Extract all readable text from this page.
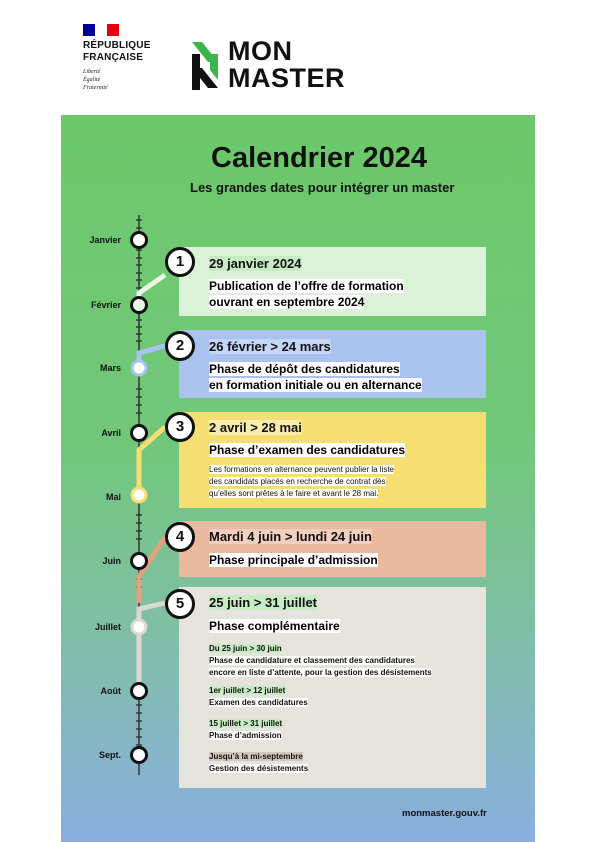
RÉPUBLIQUE
FRANÇAISE
Liberté
Égalité
Fraternité
MON
MASTER
Calendrier 2024
Les grandes dates pour intégrer un master
Janvier
Février
Mars
Avril
Mai
Juin
Juillet
Août
Sept.
29 janvier 2024
Publication de l’offre de formation
ouvrant en septembre 2024
1
26 février > 24 mars
Phase de dépôt des candidatures
en formation initiale ou en alternance
2
2 avril > 28 mai
Phase d’examen des candidatures
Les formations en alternance peuvent publier la liste
des candidats placés en recherche de contrat dès
qu’elles sont prêtes à le faire et avant le 28 mai.
3
Mardi 4 juin > lundi 24 juin
Phase principale d’admission
4
25 juin > 31 juillet
Phase complémentaire
Du 25 juin > 30 juin
Phase de candidature et classement des candidatures
encore en liste d’attente, pour la gestion des désistements
1er juillet > 12 juillet
Examen des candidatures
15 juillet > 31 juillet
Phase d’admission
Jusqu’à la mi-septembre
Gestion des désistements
5
monmaster.gouv.fr
